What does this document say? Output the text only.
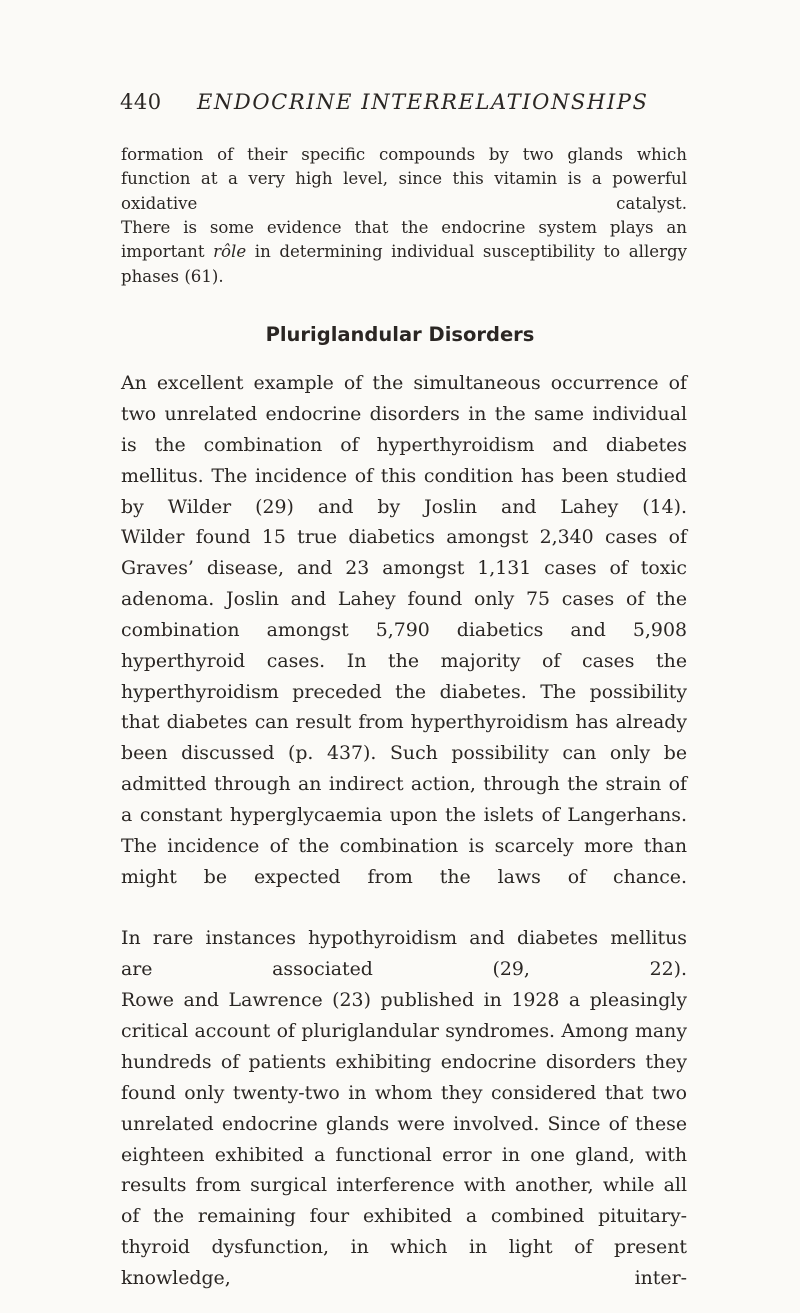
440 ENDOCRINE INTERRELATIONSHIPS

formation of their specific compounds by two glands which function at a very high level, since this vitamin is a powerful oxidative catalyst.

There is some evidence that the endocrine system plays an important rôle in determining individual susceptibility to allergy phases (61).

Pluriglandular Disorders

An excellent example of the simultaneous occurrence of two unrelated endocrine disorders in the same individual is the combination of hyperthyroidism and diabetes mellitus. The incidence of this condition has been studied by Wilder (29) and by Joslin and Lahey (14).

Wilder found 15 true diabetics amongst 2,340 cases of Graves’ disease, and 23 amongst 1,131 cases of toxic adenoma. Joslin and Lahey found only 75 cases of the combination amongst 5,790 diabetics and 5,908 hyperthyroid cases. In the majority of cases the hyperthyroidism preceded the diabetes. The possibility that diabetes can result from hyperthyroidism has already been discussed (p. 437). Such possibility can only be admitted through an indirect action, through the strain of a constant hyperglycaemia upon the islets of Langerhans. The incidence of the combination is scarcely more than might be expected from the laws of chance.

In rare instances hypothyroidism and diabetes mellitus are associated (29, 22).

Rowe and Lawrence (23) published in 1928 a pleasingly critical account of pluriglandular syndromes. Among many hundreds of patients exhibiting endocrine disorders they found only twenty-two in whom they considered that two unrelated endocrine glands were involved. Since of these eighteen exhibited a functional error in one gland, with results from surgical interference with another, while all of the remaining four exhibited a combined pituitary-thyroid dysfunction, in which in light of present knowledge, inter-
